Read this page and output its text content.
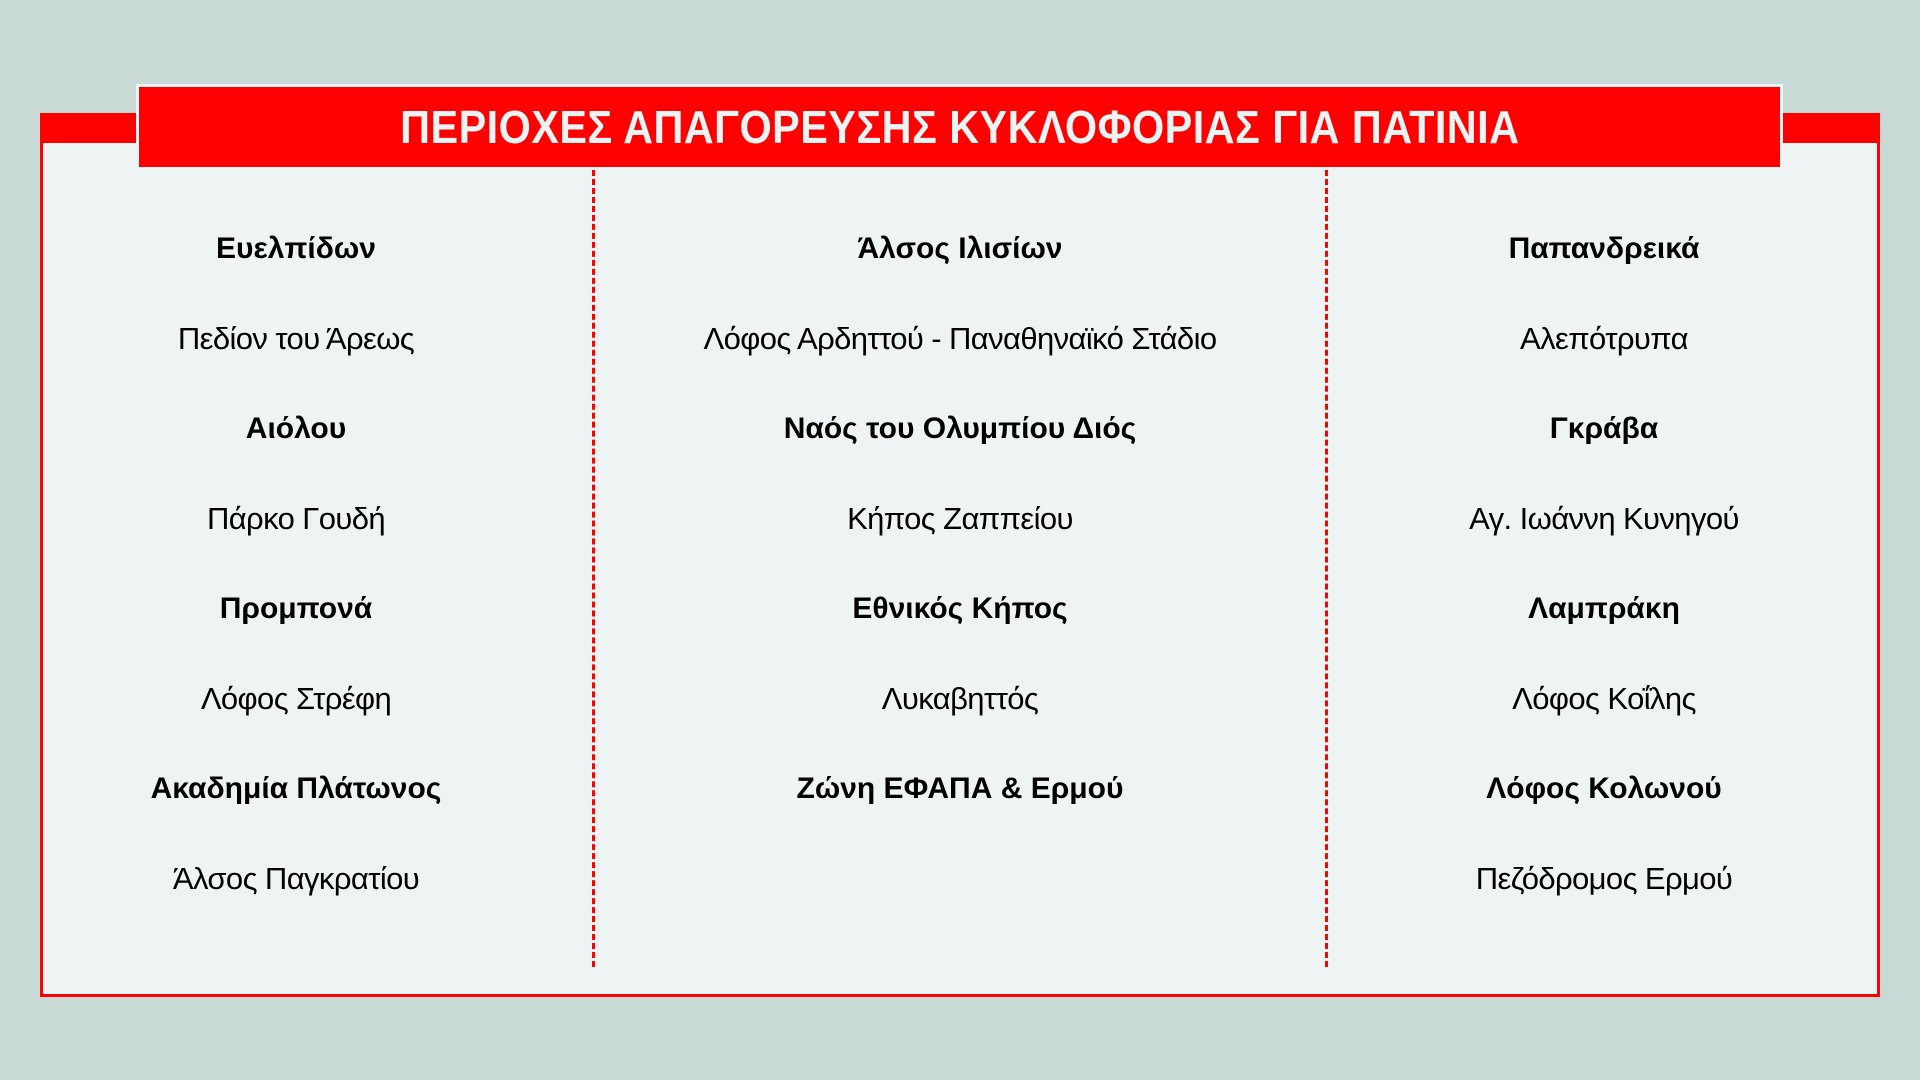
ΠΕΡΙΟΧΕΣ ΑΠΑΓΟΡΕΥΣΗΣ ΚΥΚΛΟΦΟΡΙΑΣ ΓΙΑ ΠΑΤΙΝΙΑ
Ευελπίδων
Πεδίον του Άρεως
Αιόλου
Πάρκο Γουδή
Προμπονά
Λόφος Στρέφη
Ακαδημία Πλάτωνος
Άλσος Παγκρατίου
Άλσος Ιλισίων
Λόφος Αρδηττού - Παναθηναϊκό Στάδιο
Ναός του Ολυμπίου Διός
Κήπος Ζαππείου
Εθνικός Κήπος
Λυκαβηττός
Ζώνη ΕΦΑΠΑ & Ερμού
Παπανδρεικά
Αλεπότρυπα
Γκράβα
Αγ. Ιωάννη Κυνηγού
Λαμπράκη
Λόφος Κοΐλης
Λόφος Κολωνού
Πεζόδρομος Ερμού
